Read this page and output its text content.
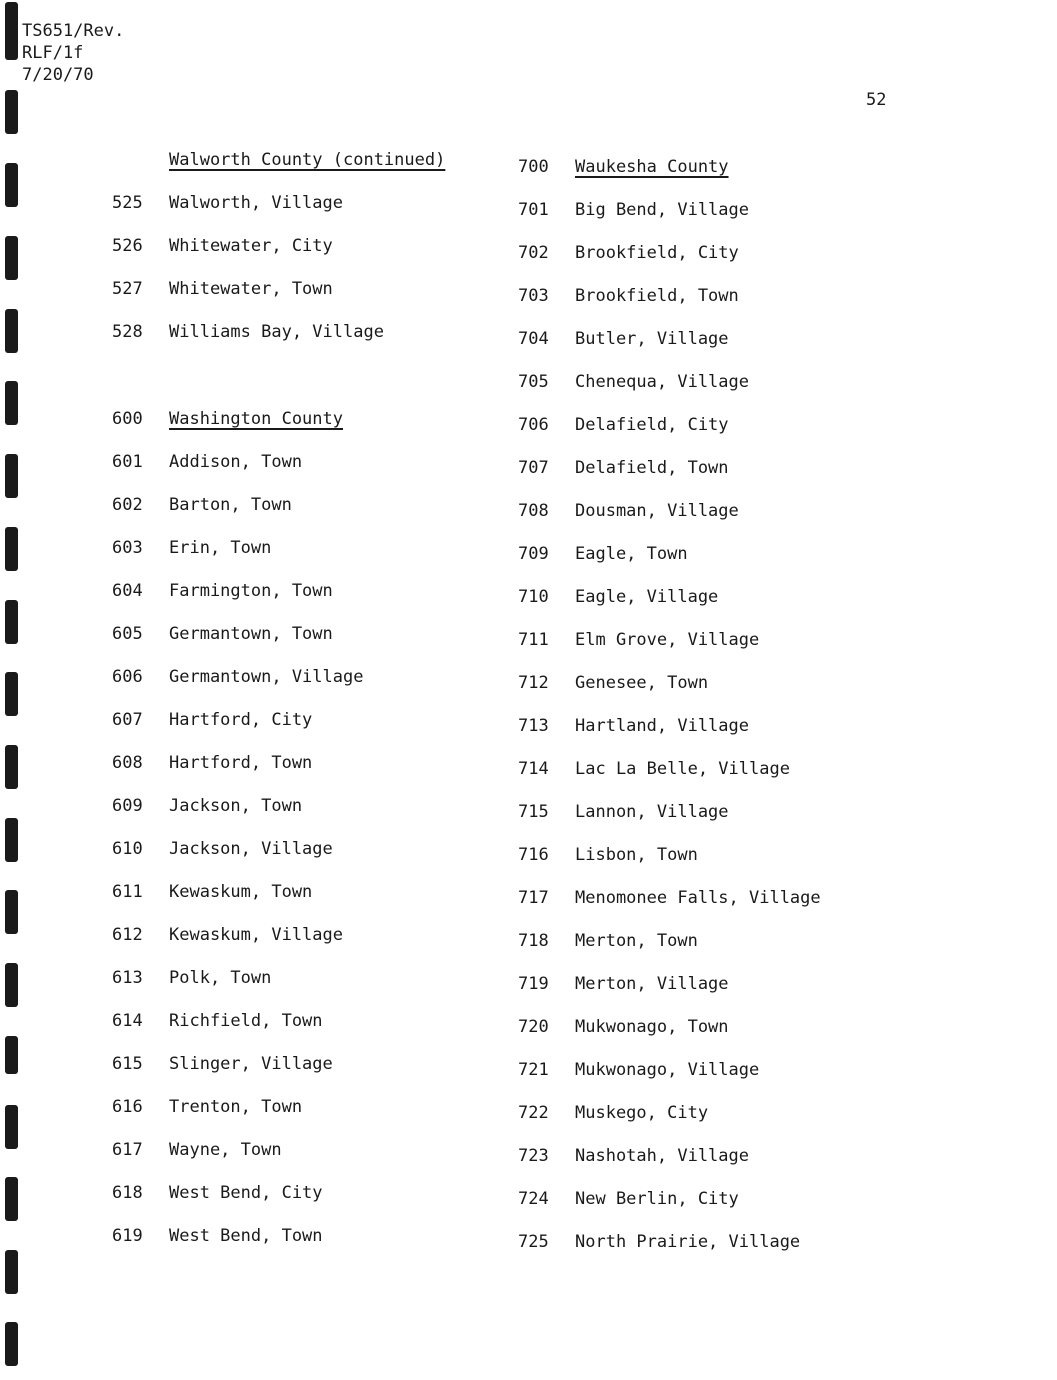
TS651/Rev.
RLF/1f
7/20/70
52
Walworth County (continued)
525	Walworth, Village
526	Whitewater, City
527	Whitewater, Town
528	Williams Bay, Village
600	Washington County
601	Addison, Town
602	Barton, Town
603	Erin, Town
604	Farmington, Town
605	Germantown, Town
606	Germantown, Village
607	Hartford, City
608	Hartford, Town
609	Jackson, Town
610	Jackson, Village
611	Kewaskum, Town
612	Kewaskum, Village
613	Polk, Town
614	Richfield, Town
615	Slinger, Village
616	Trenton, Town
617	Wayne, Town
618	West Bend, City
619	West Bend, Town
700	Waukesha County
701	Big Bend, Village
702	Brookfield, City
703	Brookfield, Town
704	Butler, Village
705	Chenequa, Village
706	Delafield, City
707	Delafield, Town
708	Dousman, Village
709	Eagle, Town
710	Eagle, Village
711	Elm Grove, Village
712	Genesee, Town
713	Hartland, Village
714	Lac La Belle, Village
715	Lannon, Village
716	Lisbon, Town
717	Menomonee Falls, Village
718	Merton, Town
719	Merton, Village
720	Mukwonago, Town
721	Mukwonago, Village
722	Muskego, City
723	Nashotah, Village
724	New Berlin, City
725	North Prairie, Village
